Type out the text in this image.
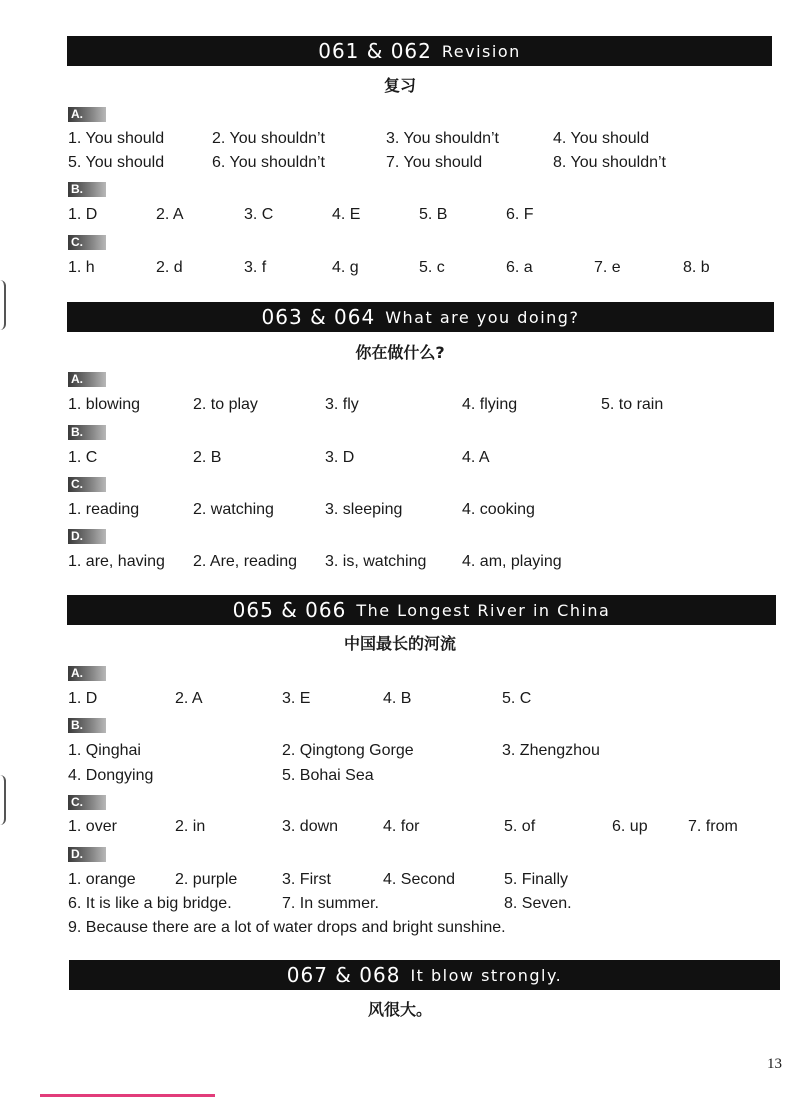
061 & 062 Revision
复习
A.
1. You should	2. You shouldn’t	3. You shouldn’t	4. You should
5. You should	6. You shouldn’t	7. You should	8. You shouldn’t
B.
1. D	2. A	3. C	4. E	5. B	6. F
C.
1. h	2. d	3. f	4. g	5. c	6. a	7. e	8. b
063 & 064 What are you doing?
你在做什么?
A.
1. blowing	2. to play	3. fly	4. flying	5. to rain
B.
1. C	2. B	3. D	4. A
C.
1. reading	2. watching	3. sleeping	4. cooking
D.
1. are, having 2. Are, reading 3. is, watching 4. am, playing
065 & 066 The Longest River in China
中国最长的河流
A.
1. D	2. A	3. E	4. B	5. C
B.
1. Qinghai	2. Qingtong Gorge	3. Zhengzhou
4. Dongying	5. Bohai Sea
C.
1. over	2. in	3. down	4. for	5. of	6. up	7. from
D.
1. orange 2. purple	3. First	4. Second	5. Finally
6. It is like a big bridge.	7. In summer.	8. Seven.
9. Because there are a lot of water drops and bright sunshine.
067 & 068 It blow strongly.
风很大。
13
